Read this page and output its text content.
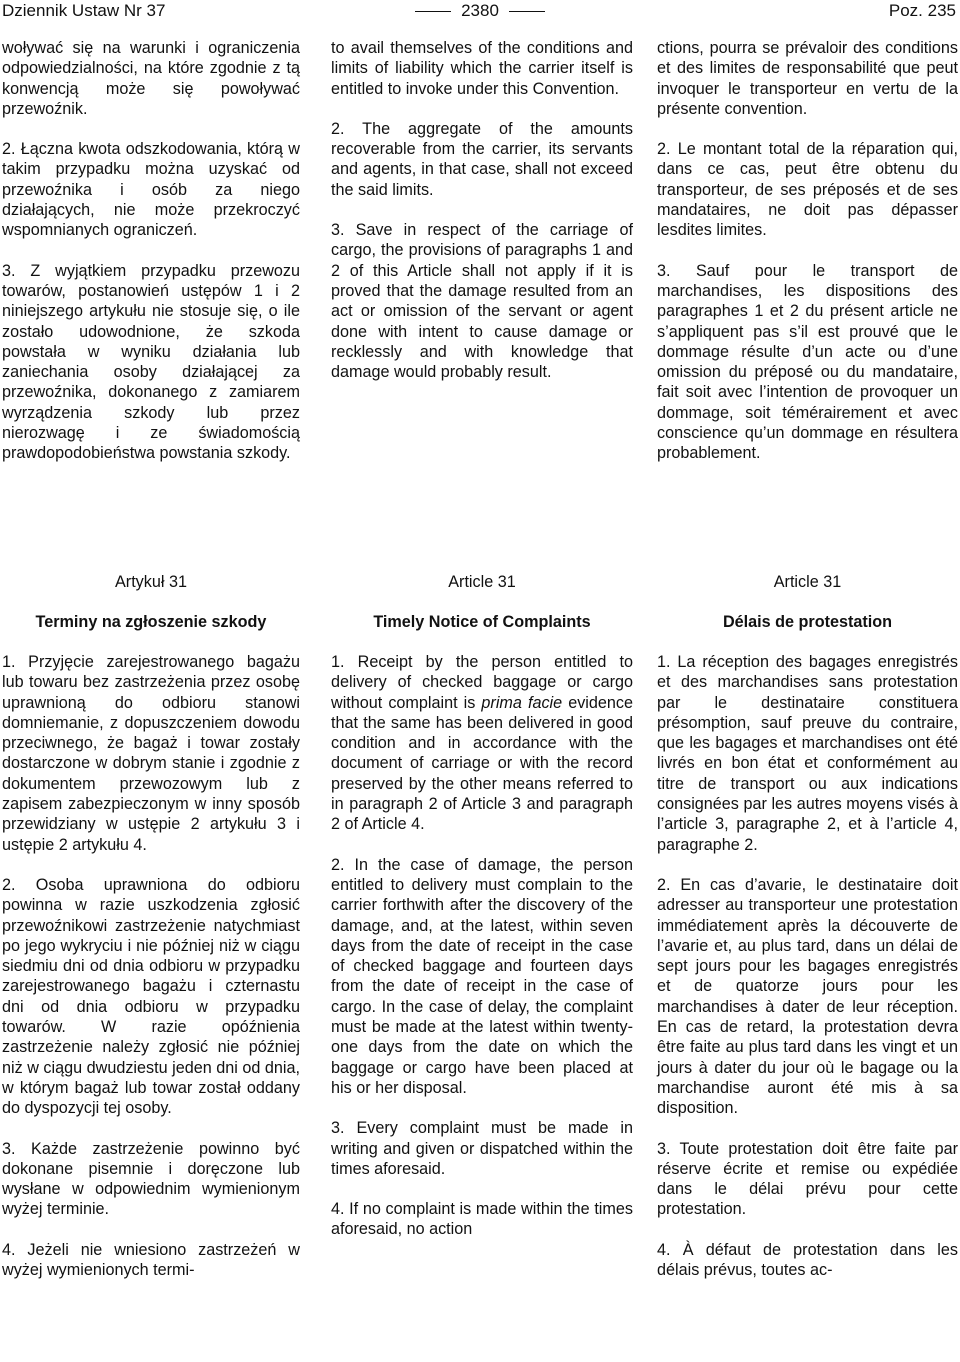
Dziennik Ustaw Nr 37	2380	Poz. 235

woływać się na warunki i ograniczenia odpowiedzialności, na które zgodnie z tą konwencją może się powoływać przewoźnik.

2. Łączna kwota odszkodowania, którą w takim przypadku można uzyskać od przewoźnika i osób za niego działających, nie może przekroczyć wspomnianych ograniczeń.

3. Z wyjątkiem przypadku przewozu towarów, postanowień ustępów 1 i 2 niniejszego artykułu nie stosuje się, o ile zostało udowodnione, że szkoda powstała w wyniku działania lub zaniechania osoby działającej za przewoźnika, dokonanego z zamiarem wyrządzenia szkody lub przez nierozwagę i ze świadomością prawdopodobieństwa powstania szkody.

to avail themselves of the conditions and limits of liability which the carrier itself is entitled to invoke under this Convention.

2. The aggregate of the amounts recoverable from the carrier, its servants and agents, in that case, shall not exceed the said limits.

3. Save in respect of the carriage of cargo, the provisions of paragraphs 1 and 2 of this Article shall not apply if it is proved that the damage resulted from an act or omission of the servant or agent done with intent to cause damage or recklessly and with knowledge that damage would probably result.

ctions, pourra se prévaloir des conditions et des limites de responsabilité que peut invoquer le transporteur en vertu de la présente convention.

2. Le montant total de la réparation qui, dans ce cas, peut être obtenu du transporteur, de ses préposés et de ses mandataires, ne doit pas dépasser lesdites limites.

3. Sauf pour le transport de marchandises, les dispositions des paragraphes 1 et 2 du présent article ne s’appliquent pas s’il est prouvé que le dommage résulte d’un acte ou d’une omission du préposé ou du mandataire, fait soit avec l’intention de provoquer un dommage, soit témérairement et avec conscience qu’un dommage en résultera probablement.

Artykuł 31
Terminy na zgłoszenie szkody
Article 31
Timely Notice of Complaints
Article 31
Délais de protestation

1. Przyjęcie zarejestrowanego bagażu lub towaru bez zastrzeżenia przez osobę uprawnioną do odbioru stanowi domniemanie, z dopuszczeniem dowodu przeciwnego, że bagaż i towar zostały dostarczone w dobrym stanie i zgodnie z dokumentem przewozowym lub z zapisem zabezpieczonym w inny sposób przewidziany w ustępie 2 artykułu 3 i ustępie 2 artykułu 4.

2. Osoba uprawniona do odbioru powinna w razie uszkodzenia zgłosić przewoźnikowi zastrzeżenie natychmiast po jego wykryciu i nie później niż w ciągu siedmiu dni od dnia odbioru w przypadku zarejestrowanego bagażu i czternastu dni od dnia odbioru w przypadku towarów. W razie opóźnienia zastrzeżenie należy zgłosić nie później niż w ciągu dwudziestu jeden dni od dnia, w którym bagaż lub towar został oddany do dyspozycji tej osoby.

3. Każde zastrzeżenie powinno być dokonane pisemnie i doręczone lub wysłane w odpowiednim wymienionym wyżej terminie.

4. Jeżeli nie wniesiono zastrzeżeń w wyżej wymienionych termi-

1. Receipt by the person entitled to delivery of checked baggage or cargo without complaint is prima facie evidence that the same has been delivered in good condition and in accordance with the document of carriage or with the record preserved by the other means referred to in paragraph 2 of Article 3 and paragraph 2 of Article 4.

2. In the case of damage, the person entitled to delivery must complain to the carrier forthwith after the discovery of the damage, and, at the latest, within seven days from the date of receipt in the case of checked baggage and fourteen days from the date of receipt in the case of cargo. In the case of delay, the complaint must be made at the latest within twenty-one days from the date on which the baggage or cargo have been placed at his or her disposal.

3. Every complaint must be made in writing and given or dispatched within the times aforesaid.

4. If no complaint is made within the times aforesaid, no action

1. La réception des bagages enregistrés et des marchandises sans protestation par le destinataire constituera présomption, sauf preuve du contraire, que les bagages et marchandises ont été livrés en bon état et conformément au titre de transport ou aux indications consignées par les autres moyens visés à l’article 3, paragraphe 2, et à l’article 4, paragraphe 2.

2. En cas d’avarie, le destinataire doit adresser au transporteur une protestation immédiatement après la découverte de l’avarie et, au plus tard, dans un délai de sept jours pour les bagages enregistrés et de quatorze jours pour les marchandises à dater de leur réception. En cas de retard, la protestation devra être faite au plus tard dans les vingt et un jours à dater du jour où le bagage ou la marchandise auront été mis à sa disposition.

3. Toute protestation doit être faite par réserve écrite et remise ou expédiée dans le délai prévu pour cette protestation.

4. À défaut de protestation dans les délais prévus, toutes ac-
